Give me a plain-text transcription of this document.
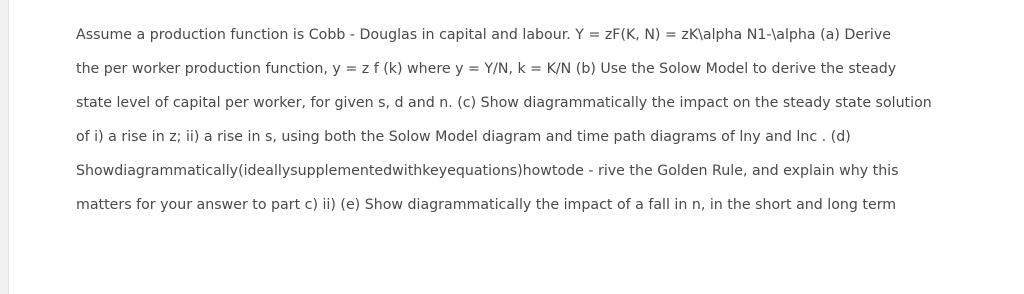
Assume a production function is Cobb - Douglas in capital and labour. Y = zF(K, N) = zK\alpha N1-\alpha (a) Derive
the per worker production function, y = z f (k) where y = Y/N, k = K/N (b) Use the Solow Model to derive the steady
state level of capital per worker, for given s, d and n. (c) Show diagrammatically the impact on the steady state solution
of i) a rise in z; ii) a rise in s, using both the Solow Model diagram and time path diagrams of lny and lnc . (d)
Showdiagrammatically(ideallysupplementedwithkeyequations)howtode - rive the Golden Rule, and explain why this
matters for your answer to part c) ii) (e) Show diagrammatically the impact of a fall in n, in the short and long term
